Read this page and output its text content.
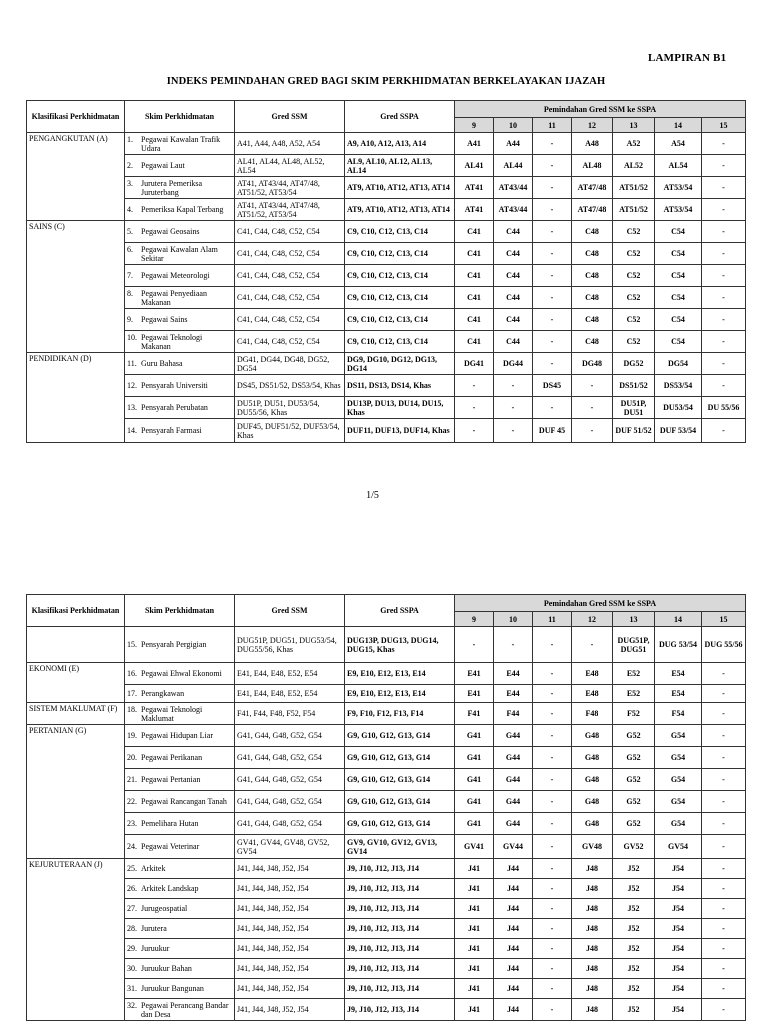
LAMPIRAN B1
INDEKS PEMINDAHAN GRED BAGI SKIM PERKHIDMATAN BERKELAYAKAN IJAZAH
Klasifikasi Perkhidmatan	Skim Perkhidmatan	Gred SSM	Gred SSPA	Pemindahan Gred SSM ke SSPA						
				9	10	11	12	13	14	15
PENGANGKUTAN (A)	1. Pegawai Kawalan Trafik Udara	A41, A44, A48, A52, A54	A9, A10, A12, A13, A14	A41	A44	-	A48	A52	A54	-

	2. Pegawai Laut	AL41, AL44, AL48, AL52, AL54	AL9, AL10, AL12, AL13, AL14	AL41	AL44	-	AL48	AL52	AL54	-

	3. Jurutera Pemeriksa Juruterbang	AT41, AT43/44, AT47/48, AT51/52, AT53/54	AT9, AT10, AT12, AT13, AT14	AT41	AT43/44	-	AT47/48	AT51/52	AT53/54	-

	4. Pemeriksa Kapal Terbang	AT41, AT43/44, AT47/48, AT51/52, AT53/54	AT9, AT10, AT12, AT13, AT14	AT41	AT43/44	-	AT47/48	AT51/52	AT53/54	-
SAINS (C)	5. Pegawai Geosains	C41, C44, C48, C52, C54	C9, C10, C12, C13, C14	C41	C44	-	C48	C52	C54	-

	6. Pegawai Kawalan Alam Sekitar	C41, C44, C48, C52, C54	C9, C10, C12, C13, C14	C41	C44	-	C48	C52	C54	-

	7. Pegawai Meteorologi	C41, C44, C48, C52, C54	C9, C10, C12, C13, C14	C41	C44	-	C48	C52	C54	-

	8. Pegawai Penyediaan Makanan	C41, C44, C48, C52, C54	C9, C10, C12, C13, C14	C41	C44	-	C48	C52	C54	-

	9. Pegawai Sains	C41, C44, C48, C52, C54	C9, C10, C12, C13, C14	C41	C44	-	C48	C52	C54	-

	10. Pegawai Teknologi Makanan	C41, C44, C48, C52, C54	C9, C10, C12, C13, C14	C41	C44	-	C48	C52	C54	-
PENDIDIKAN (D)	11. Guru Bahasa	DG41, DG44, DG48, DG52, DG54	DG9, DG10, DG12, DG13, DG14	DG41	DG44	-	DG48	DG52	DG54	-

	12. Pensyarah Universiti	DS45, DS51/52, DS53/54, Khas	DS11, DS13, DS14, Khas	-	-	DS45	-	DS51/52	DS53/54	-

	13. Pensyarah Perubatan	DU51P, DU51, DU53/54, DU55/56, Khas	DU13P, DU13, DU14, DU15, Khas	-	-	-	-	DU51P, DU51	DU53/54	DU 55/56

	14. Pensyarah Farmasi	DUF45, DUF51/52, DUF53/54, Khas	DUF11, DUF13, DUF14, Khas	-	-	DUF 45	-	DUF 51/52	DUF 53/54	-
1/5
Klasifikasi Perkhidmatan	Skim Perkhidmatan	Gred SSM	Gred SSPA	Pemindahan Gred SSM ke SSPA						
				9	10	11	12	13	14	15

	15. Pensyarah Pergigian	DUG51P, DUG51, DUG53/54, DUG55/56, Khas	DUG13P, DUG13, DUG14, DUG15, Khas	-	-	-	-	DUG51P, DUG51	DUG 53/54	DUG 55/56
EKONOMI (E)	16. Pegawai Ehwal Ekonomi	E41, E44, E48, E52, E54	E9, E10, E12, E13, E14	E41	E44	-	E48	E52	E54	-

	17. Perangkawan	E41, E44, E48, E52, E54	E9, E10, E12, E13, E14	E41	E44	-	E48	E52	E54	-
SISTEM MAKLUMAT (F)	18. Pegawai Teknologi Maklumat	F41, F44, F48, F52, F54	F9, F10, F12, F13, F14	F41	F44	-	F48	F52	F54	-
PERTANIAN (G)	19. Pegawai Hidupan Liar	G41, G44, G48, G52, G54	G9, G10, G12, G13, G14	G41	G44	-	G48	G52	G54	-

	20. Pegawai Perikanan	G41, G44, G48, G52, G54	G9, G10, G12, G13, G14	G41	G44	-	G48	G52	G54	-

	21. Pegawai Pertanian	G41, G44, G48, G52, G54	G9, G10, G12, G13, G14	G41	G44	-	G48	G52	G54	-

	22. Pegawai Rancangan Tanah	G41, G44, G48, G52, G54	G9, G10, G12, G13, G14	G41	G44	-	G48	G52	G54	-

	23. Pemelihara Hutan	G41, G44, G48, G52, G54	G9, G10, G12, G13, G14	G41	G44	-	G48	G52	G54	-

	24. Pegawai Veterinar	GV41, GV44, GV48, GV52, GV54	GV9, GV10, GV12, GV13, GV14	GV41	GV44	-	GV48	GV52	GV54	-
KEJURUTERAAN (J)	25. Arkitek	J41, J44, J48, J52, J54	J9, J10, J12, J13, J14	J41	J44	-	J48	J52	J54	-

	26. Arkitek Landskap	J41, J44, J48, J52, J54	J9, J10, J12, J13, J14	J41	J44	-	J48	J52	J54	-

	27. Jurugeospatial	J41, J44, J48, J52, J54	J9, J10, J12, J13, J14	J41	J44	-	J48	J52	J54	-

	28. Jurutera	J41, J44, J48, J52, J54	J9, J10, J12, J13, J14	J41	J44	-	J48	J52	J54	-

	29. Juruukur	J41, J44, J48, J52, J54	J9, J10, J12, J13, J14	J41	J44	-	J48	J52	J54	-

	30. Juruukur Bahan	J41, J44, J48, J52, J54	J9, J10, J12, J13, J14	J41	J44	-	J48	J52	J54	-

	31. Juruukur Bangunan	J41, J44, J48, J52, J54	J9, J10, J12, J13, J14	J41	J44	-	J48	J52	J54	-

	32. Pegawai Perancang Bandar dan Desa	J41, J44, J48, J52, J54	J9, J10, J12, J13, J14	J41	J44	-	J48	J52	J54	-
